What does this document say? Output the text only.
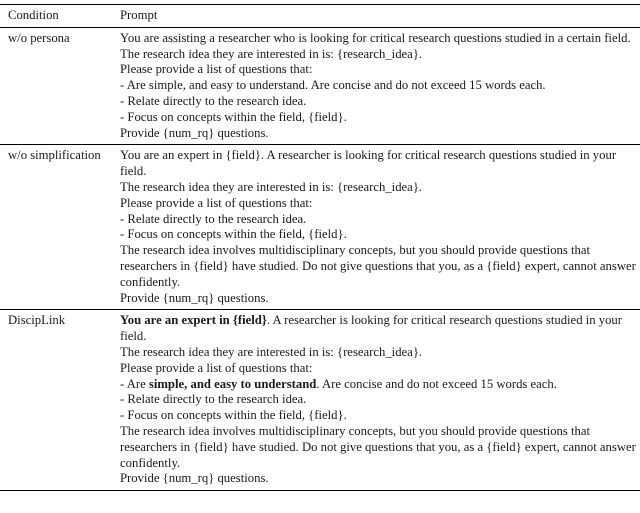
Condition	Prompt
w/o persona	You are assisting a researcher who is looking for critical research questions studied in a certain field.
The research idea they are interested in is: {research_idea}.
Please provide a list of questions that:
- Are simple, and easy to understand. Are concise and do not exceed 15 words each.
- Relate directly to the research idea.
- Focus on concepts within the field, {field}.
Provide {num_rq} questions.
w/o simplification	You are an expert in {field}. A researcher is looking for critical research questions studied in your field.
The research idea they are interested in is: {research_idea}.
Please provide a list of questions that:
- Relate directly to the research idea.
- Focus on concepts within the field, {field}.
The research idea involves multidisciplinary concepts, but you should provide questions that researchers in {field} have studied. Do not give questions that you, as a {field} expert, cannot answer confidently.
Provide {num_rq} questions.
DiscipLink	You are an expert in {field}. A researcher is looking for critical research questions studied in your field.
The research idea they are interested in is: {research_idea}.
Please provide a list of questions that:
- Are simple, and easy to understand. Are concise and do not exceed 15 words each.
- Relate directly to the research idea.
- Focus on concepts within the field, {field}.
The research idea involves multidisciplinary concepts, but you should provide questions that researchers in {field} have studied. Do not give questions that you, as a {field} expert, cannot answer confidently.
Provide {num_rq} questions.
